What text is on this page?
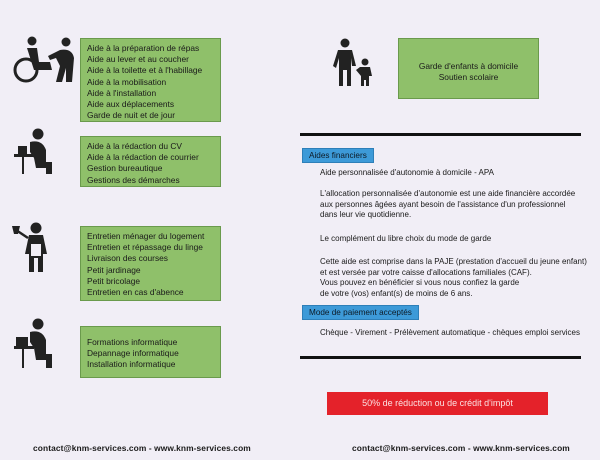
Aide à la préparation de répas
Aide au lever et au coucher
Aide à la toilette et à l'habillage
Aide à la mobilisation
Aide à l'installation
Aide aux déplacements
Garde de nuit et de jour
Aide à la rédaction du CV
Aide à la rédaction de courrier
Gestion bureautique
Gestions des démarches
Entretien ménager du logement
Entretien et répassage du linge
Livraison des courses
Petit jardinage
Petit bricolage
Entretien en cas d'abence
Formations informatique
Depannage informatique
Installation informatique
Garde d'enfants à domicile
Soutien scolaire
Aides financiers
Aide personnalisée d'autonomie à domicile - APA
L'allocation personnalisée d'autonomie est une aide financière accordée
aux personnes âgées ayant besoin de l'assistance d'un professionnel
dans leur vie quotidienne.
Le complément du libre choix du mode de garde
Cette aide est comprise dans la PAJE (prestation d'accueil du jeune enfant)
et est versée par votre caisse d'allocations familiales (CAF).
Vous pouvez en bénéficier si vous nous confiez la garde
de votre (vos) enfant(s) de moins de 6 ans.
Mode de paiement acceptés
Chèque - Virement - Prélèvement automatique - chèques emploi services
50% de réduction ou de crédit d'impôt
contact@knm-services.com - www.knm-services.com	contact@knm-services.com - www.knm-services.com
